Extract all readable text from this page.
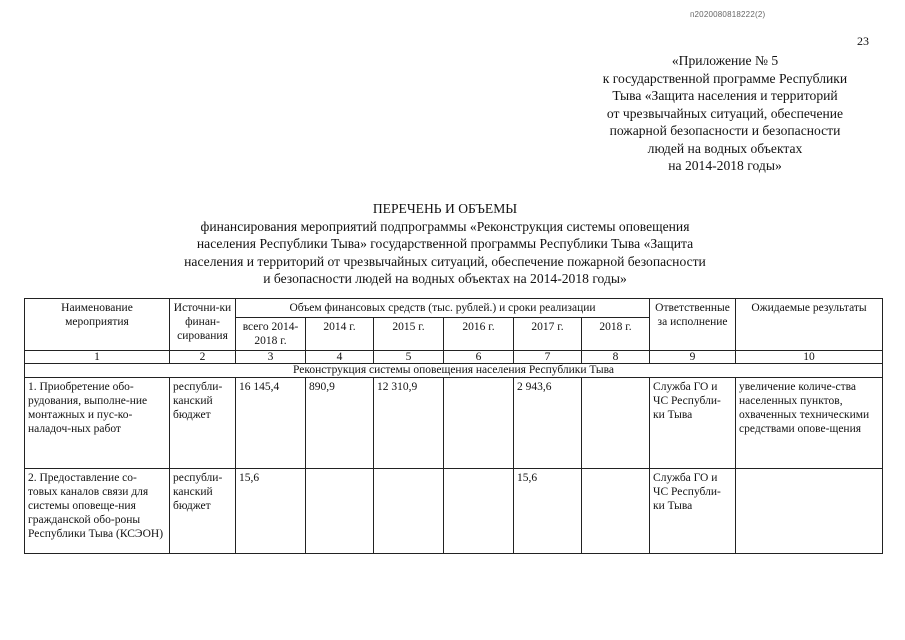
п2020080818222(2)
23
«Приложение № 5
к государственной программе Республики
Тыва «Защита населения и территорий
от чрезвычайных ситуаций, обеспечение
пожарной безопасности и безопасности
людей на водных объектах
на 2014-2018 годы»
ПЕРЕЧЕНЬ И ОБЪЕМЫ
финансирования мероприятий подпрограммы «Реконструкция системы оповещения
населения Республики Тыва» государственной программы Республики Тыва «Защита
населения и территорий от чрезвычайных ситуаций, обеспечение пожарной безопасности
и безопасности людей на водных объектах на 2014-2018 годы»
Наименование мероприятия	Источни-ки финан-сирования	Объем финансовых средств (тыс. рублей.) и сроки реализации						Ответственные за исполнение	Ожидаемые результаты
		всего 2014-2018 г.	2014 г.	2015 г.	2016 г.	2017 г.	2018 г.		
1	2	3	4	5	6	7	8	9	10
Реконструкция системы оповещения населения Республики Тыва									
1. Приобретение обо-рудования, выполне-ние монтажных и пус-ко-наладоч-ных работ	республи-канский бюджет	16 145,4	890,9	12 310,9		2 943,6		Служба ГО и ЧС Республи-ки Тыва	увеличение количе-ства населенных пунктов, охваченных техническими средствами опове-щения
2. Предоставление со-товых каналов связи для системы оповеще-ния гражданской обо-роны Республики Тыва (КСЭОН)	республи-канский бюджет	15,6				15,6		Служба ГО и ЧС Республи-ки Тыва	
